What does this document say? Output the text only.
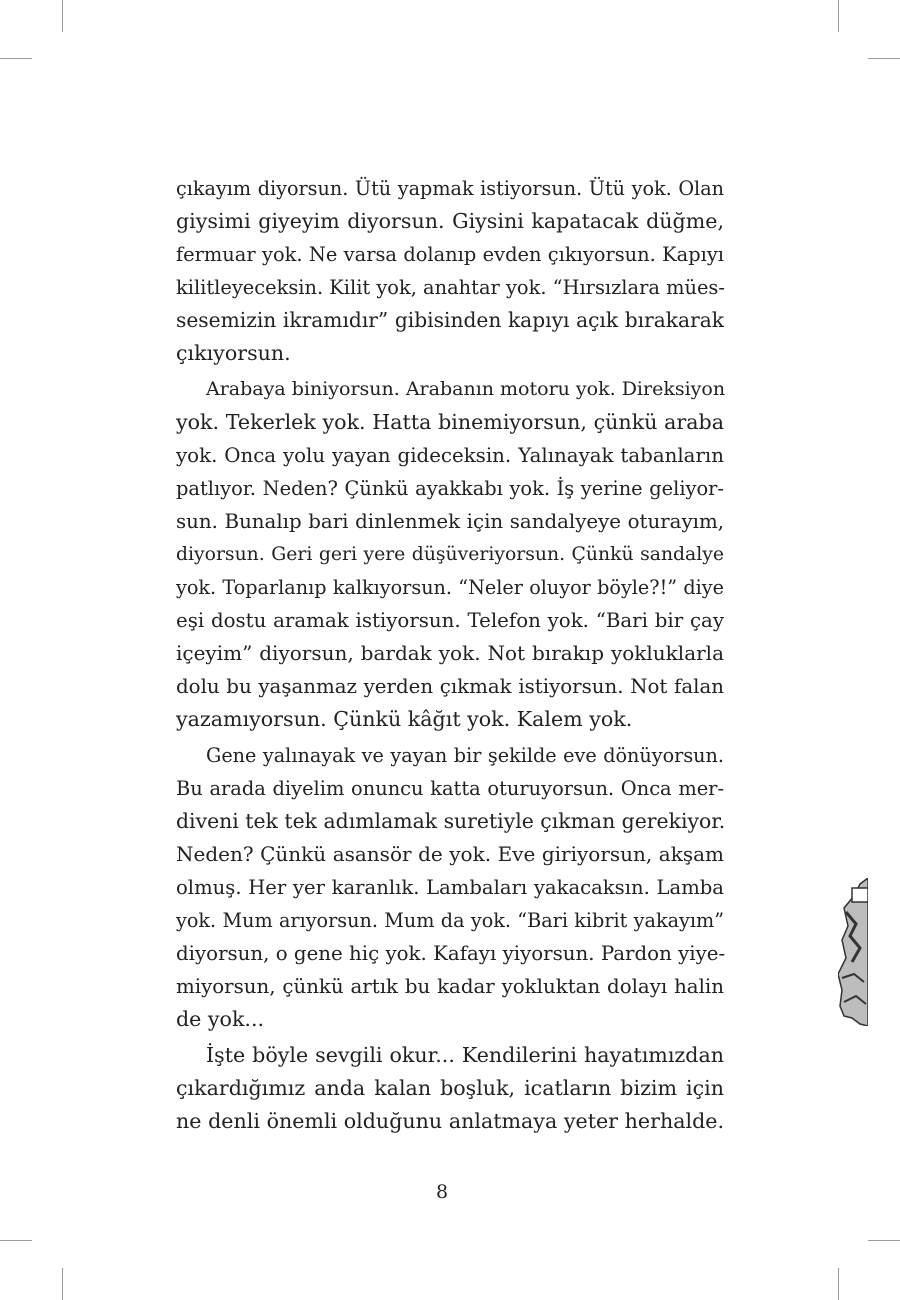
çıkayım diyorsun. Ütü yapmak istiyorsun. Ütü yok. Olan
giysimi giyeyim diyorsun. Giysini kapatacak düğme,
fermuar yok. Ne varsa dolanıp evden çıkıyorsun. Kapıyı
kilitleyeceksin. Kilit yok, anahtar yok. “Hırsızlara mües-
sesemizin ikramıdır” gibisinden kapıyı açık bırakarak
çıkıyorsun.
Arabaya biniyorsun. Arabanın motoru yok. Direksiyon
yok. Tekerlek yok. Hatta binemiyorsun, çünkü araba
yok. Onca yolu yayan gideceksin. Yalınayak tabanların
patlıyor. Neden? Çünkü ayakkabı yok. İş yerine geliyor-
sun. Bunalıp bari dinlenmek için sandalyeye oturayım,
diyorsun. Geri geri yere düşüveriyorsun. Çünkü sandalye
yok. Toparlanıp kalkıyorsun. “Neler oluyor böyle?!” diye
eşi dostu aramak istiyorsun. Telefon yok. “Bari bir çay
içeyim” diyorsun, bardak yok. Not bırakıp yokluklarla
dolu bu yaşanmaz yerden çıkmak istiyorsun. Not falan
yazamıyorsun. Çünkü kâğıt yok. Kalem yok.
Gene yalınayak ve yayan bir şekilde eve dönüyorsun.
Bu arada diyelim onuncu katta oturuyorsun. Onca mer-
diveni tek tek adımlamak suretiyle çıkman gerekiyor.
Neden? Çünkü asansör de yok. Eve giriyorsun, akşam
olmuş. Her yer karanlık. Lambaları yakacaksın. Lamba
yok. Mum arıyorsun. Mum da yok. “Bari kibrit yakayım”
diyorsun, o gene hiç yok. Kafayı yiyorsun. Pardon yiye-
miyorsun, çünkü artık bu kadar yokluktan dolayı halin
de yok...
İşte böyle sevgili okur... Kendilerini hayatımızdan
çıkardığımız anda kalan boşluk, icatların bizim için
ne denli önemli olduğunu anlatmaya yeter herhalde.
8
